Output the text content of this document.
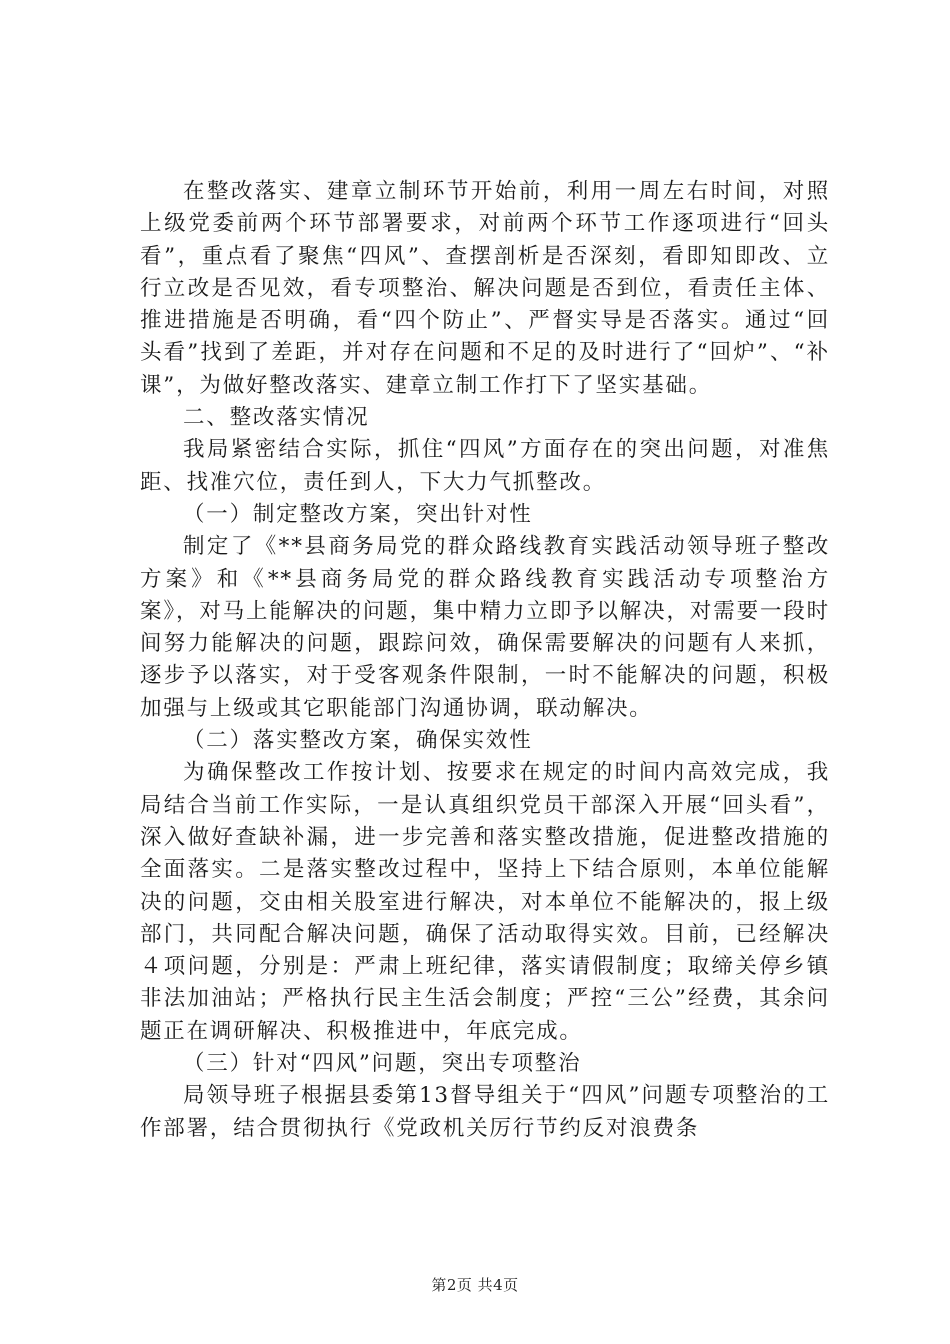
在整改落实、建章立制环节开始前，利用一周左右时间，对照上级党委前两个环节部署要求，对前两个环节工作逐项进行“回头看”，重点看了聚焦“四风”、查摆剖析是否深刻，看即知即改、立行立改是否见效，看专项整治、解决问题是否到位，看责任主体、推进措施是否明确，看“四个防止”、严督实导是否落实。通过“回头看”找到了差距，并对存在问题和不足的及时进行了“回炉”、“补课”，为做好整改落实、建章立制工作打下了坚实基础。

二、整改落实情况

我局紧密结合实际，抓住“四风”方面存在的突出问题，对准焦距、找准穴位，责任到人，下大力气抓整改。

（一）制定整改方案，突出针对性

制定了《**县商务局党的群众路线教育实践活动领导班子整改方案》和《**县商务局党的群众路线教育实践活动专项整治方案》，对马上能解决的问题，集中精力立即予以解决，对需要一段时间努力能解决的问题，跟踪问效，确保需要解决的问题有人来抓，逐步予以落实，对于受客观条件限制，一时不能解决的问题，积极加强与上级或其它职能部门沟通协调，联动解决。

（二）落实整改方案，确保实效性

为确保整改工作按计划、按要求在规定的时间内高效完成，我局结合当前工作实际，一是认真组织党员干部深入开展“回头看”，深入做好查缺补漏，进一步完善和落实整改措施，促进整改措施的全面落实。二是落实整改过程中，坚持上下结合原则，本单位能解决的问题，交由相关股室进行解决，对本单位不能解决的，报上级部门，共同配合解决问题，确保了活动取得实效。目前，已经解决４项问题，分别是：严肃上班纪律，落实请假制度；取缔关停乡镇非法加油站；严格执行民主生活会制度；严控“三公”经费，其余问题正在调研解决、积极推进中，年底完成。

（三）针对“四风”问题，突出专项整治

局领导班子根据县委第13督导组关于“四风”问题专项整治的工作部署，结合贯彻执行《党政机关厉行节约反对浪费条

第2页 共4页
